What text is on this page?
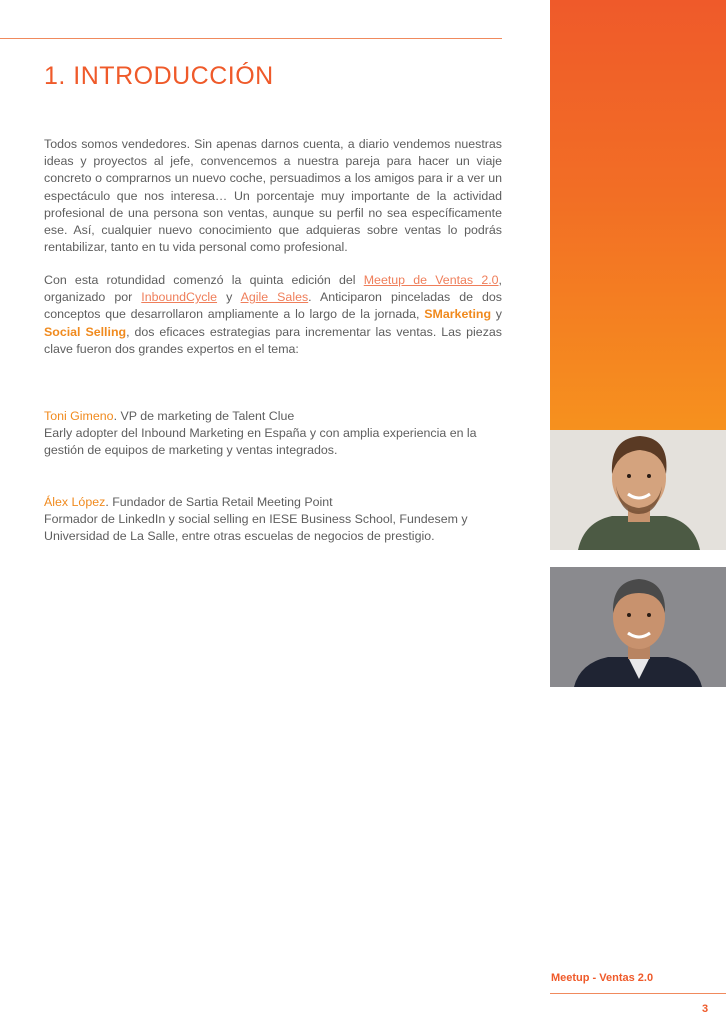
1. INTRODUCCIÓN

Todos somos vendedores. Sin apenas darnos cuenta, a diario vendemos nuestras ideas y proyectos al jefe, convencemos a nuestra pareja para hacer un viaje concreto o comprarnos un nuevo coche, persuadimos a los amigos para ir a ver un espectáculo que nos interesa… Un porcentaje muy importante de la actividad profesional de una persona son ventas, aunque su perfil no sea específicamente ese. Así, cualquier nuevo conocimiento que adquieras sobre ventas lo podrás rentabilizar, tanto en tu vida personal como profesional.

Con esta rotundidad comenzó la quinta edición del Meetup de Ventas 2.0, organizado por InboundCycle y Agile Sales. Anticiparon pinceladas de dos conceptos que desarrollaron ampliamente a lo largo de la jornada, SMarketing y Social Selling, dos eficaces estrategias para incrementar las ventas. Las piezas clave fueron dos grandes expertos en el tema:

Toni Gimeno. VP de marketing de Talent Clue
Early adopter del Inbound Marketing en España y con amplia experiencia en la gestión de equipos de marketing y ventas integrados.
Álex López. Fundador de Sartia Retail Meeting Point
Formador de LinkedIn y social selling en IESE Business School, Fundesem y Universidad de La Salle, entre otras escuelas de negocios de prestigio.
Meetup - Ventas 2.0
3
